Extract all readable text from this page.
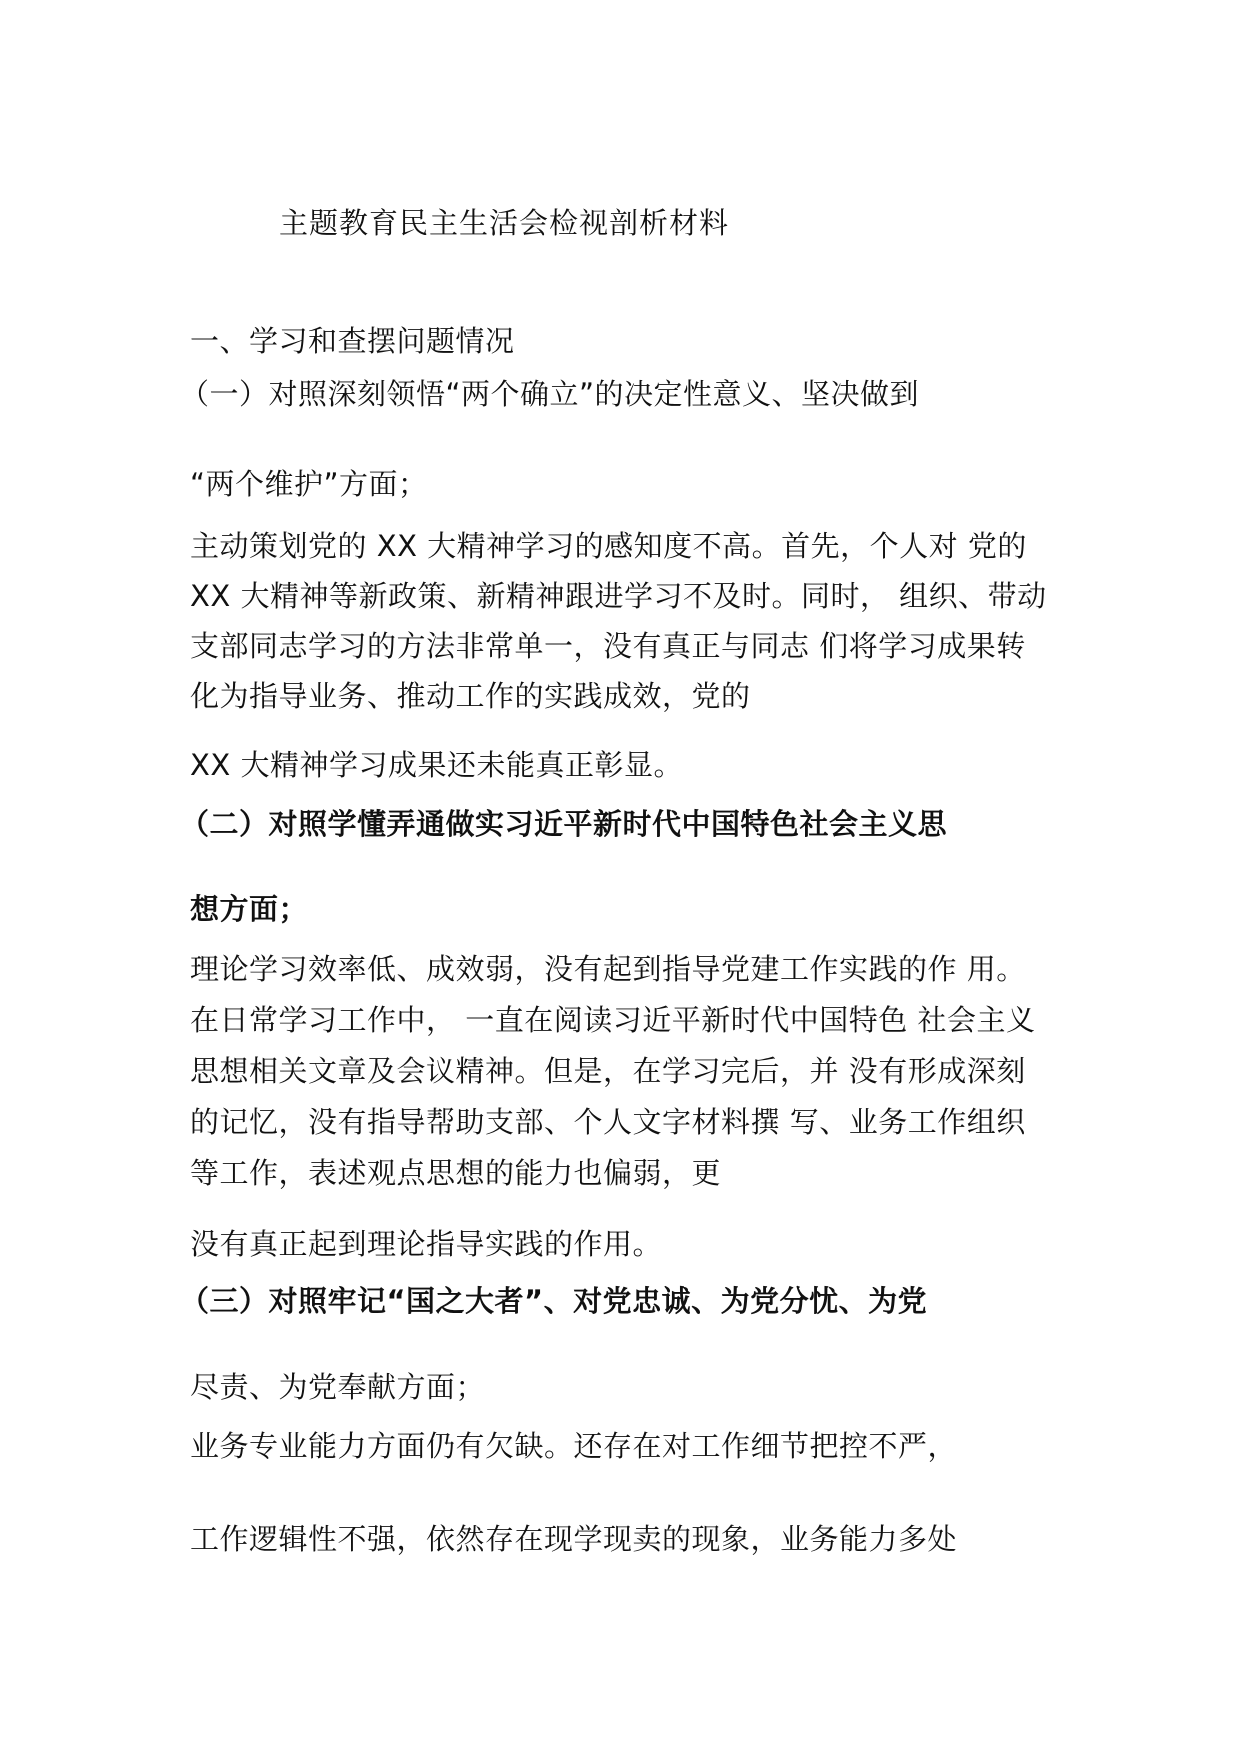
主题教育民主生活会检视剖析材料
一、学习和查摆问题情况
（一）对照深刻领悟“两个确立”的决定性意义、坚决做到
“两个维护”方面；
主动策划党的 XX 大精神学习的感知度不高。首先，个人对 党的
XX 大精神等新政策、新精神跟进学习不及时。同时， 组织、带动
支部同志学习的方法非常单一，没有真正与同志 们将学习成果转
化为指导业务、推动工作的实践成效，党的
XX 大精神学习成果还未能真正彰显。
（二）对照学懂弄通做实习近平新时代中国特色社会主义思
想方面；
理论学习效率低、成效弱，没有起到指导党建工作实践的作 用。
在日常学习工作中， 一直在阅读习近平新时代中国特色 社会主义
思想相关文章及会议精神。但是，在学习完后，并 没有形成深刻
的记忆，没有指导帮助支部、个人文字材料撰 写、业务工作组织
等工作，表述观点思想的能力也偏弱，更
没有真正起到理论指导实践的作用。
（三）对照牢记“国之大者”、对党忠诚、为党分忧、为党
尽责、为党奉献方面；
业务专业能力方面仍有欠缺。还存在对工作细节把控不严，
工作逻辑性不强，依然存在现学现卖的现象，业务能力多处
